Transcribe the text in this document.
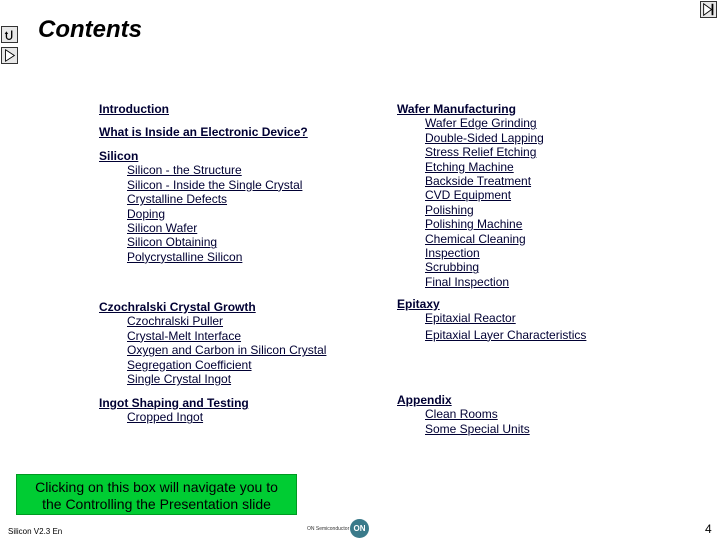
Contents
Introduction
What is Inside an Electronic Device?
Silicon
Silicon - the Structure
Silicon - Inside the Single Crystal
Crystalline Defects
Doping
Silicon Wafer
Silicon Obtaining
Polycrystalline Silicon
Czochralski Crystal Growth
Czochralski Puller
Crystal-Melt Interface
Oxygen and Carbon in Silicon Crystal
Segregation Coefficient
Single Crystal Ingot
Ingot Shaping and Testing
Cropped Ingot
Wafer Manufacturing
Wafer Edge Grinding
Double-Sided Lapping
Stress Relief Etching
Etching Machine
Backside Treatment
CVD Equipment
Polishing
Polishing Machine
Chemical Cleaning
Inspection
Scrubbing
Final Inspection
Epitaxy
Epitaxial Reactor
Epitaxial Layer Characteristics
Appendix
Clean Rooms
Some Special Units
Clicking on this box will navigate you to
the Controlling the Presentation slide
Silicon V2.3 En	ON Semiconductor ON	4
